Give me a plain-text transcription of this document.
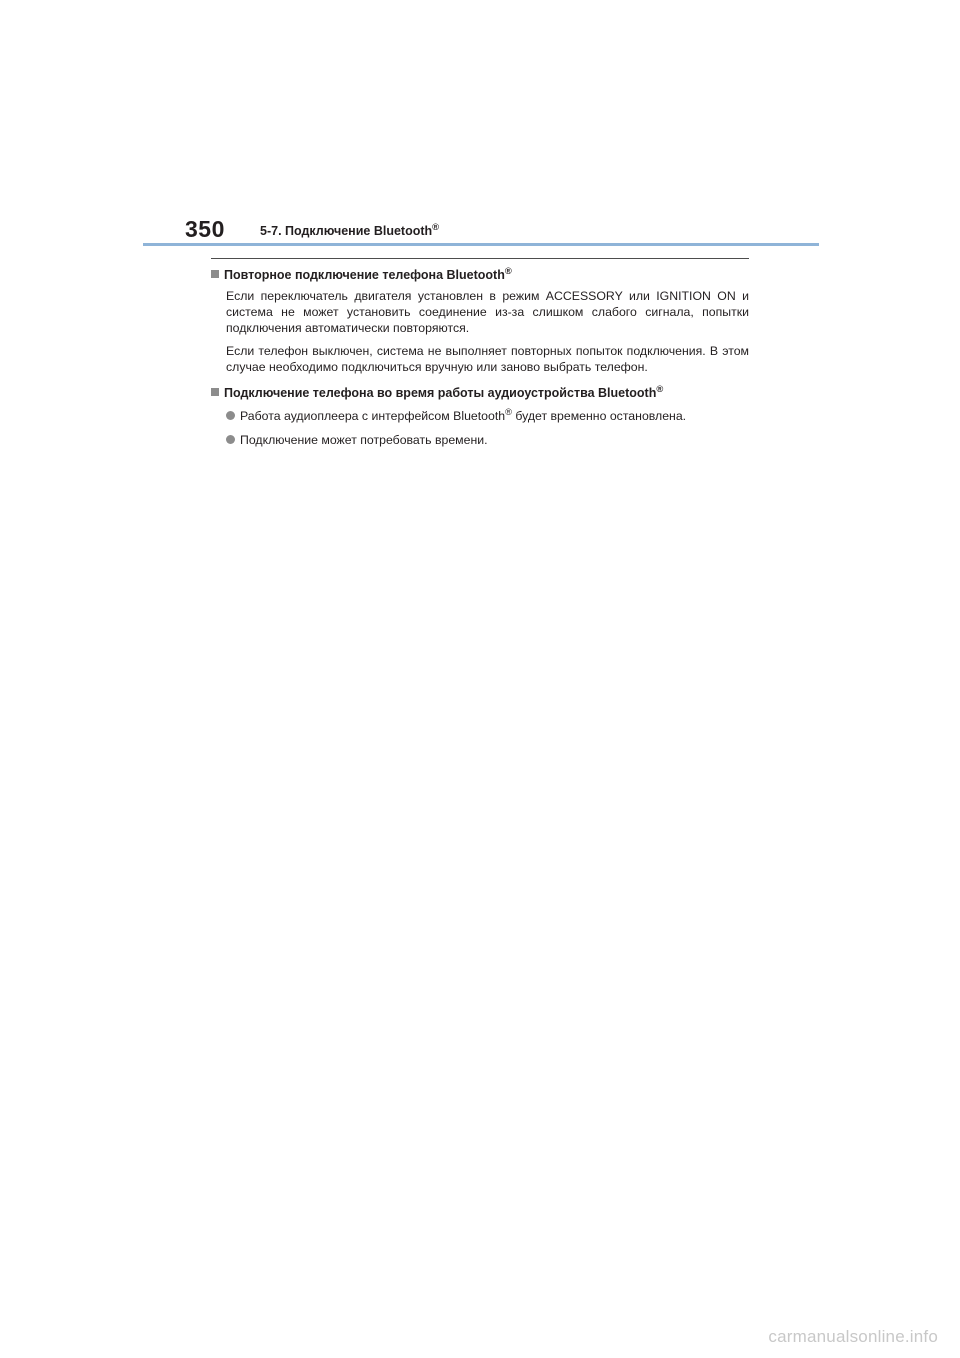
350	5-7. Подключение Bluetooth®
Повторное подключение телефона Bluetooth®

Если переключатель двигателя установлен в режим ACCESSORY или IGNITION ON и система не может установить соединение из-за слишком слабого сигнала, попытки подключения автоматически повторяются.

Если телефон выключен, система не выполняет повторных попыток подключения. В этом случае необходимо подключиться вручную или заново выбрать телефон.

Подключение телефона во время работы аудиоустройства Bluetooth®
Работа аудиоплеера с интерфейсом Bluetooth® будет временно остановлена.
Подключение может потребовать времени.
carmanualsonline.info
